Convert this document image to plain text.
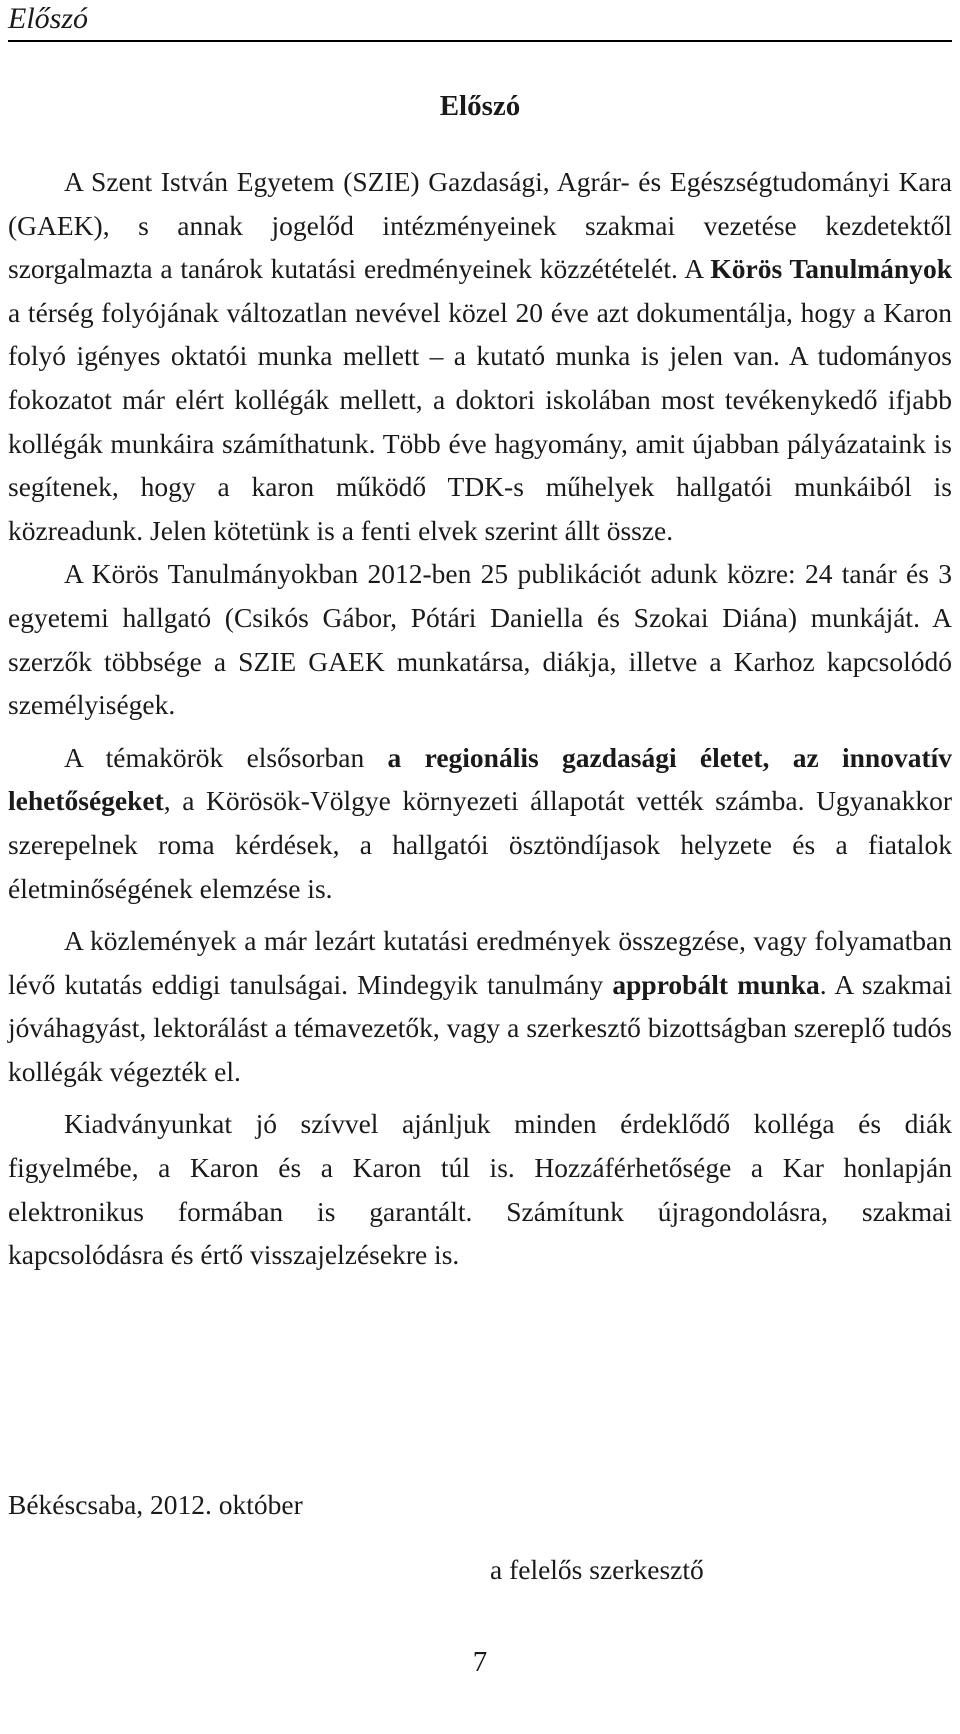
Előszó
Előszó

A Szent István Egyetem (SZIE) Gazdasági, Agrár- és Egészségtudományi Kara (GAEK), s annak jogelőd intézményeinek szakmai vezetése kezdetektől szorgalmazta a tanárok kutatási eredményeinek közzétételét. A Körös Tanulmányok a térség folyójának változatlan nevével közel 20 éve azt dokumentálja, hogy a Karon folyó igényes oktatói munka mellett – a kutató munka is jelen van. A tudományos fokozatot már elért kollégák mellett, a doktori iskolában most tevékenykedő ifjabb kollégák munkáira számíthatunk. Több éve hagyomány, amit újabban pályázataink is segítenek, hogy a karon működő TDK-s műhelyek hallgatói munkáiból is közreadunk. Jelen kötetünk is a fenti elvek szerint állt össze.

A Körös Tanulmányokban 2012-ben 25 publikációt adunk közre: 24 tanár és 3 egyetemi hallgató (Csikós Gábor, Pótári Daniella és Szokai Diána) munkáját. A szerzők többsége a SZIE GAEK munkatársa, diákja, illetve a Karhoz kapcsolódó személyiségek.

A témakörök elsősorban a regionális gazdasági életet, az innovatív lehetőségeket, a Körösök-Völgye környezeti állapotát vették számba. Ugyanakkor szerepelnek roma kérdések, a hallgatói ösztöndíjasok helyzete és a fiatalok életminőségének elemzése is.

A közlemények a már lezárt kutatási eredmények összegzése, vagy folyamatban lévő kutatás eddigi tanulságai. Mindegyik tanulmány approbált munka. A szakmai jóváhagyást, lektorálást a témavezetők, vagy a szerkesztő bizottságban szereplő tudós kollégák végezték el.

Kiadványunkat jó szívvel ajánljuk minden érdeklődő kolléga és diák figyelmébe, a Karon és a Karon túl is. Hozzáférhetősége a Kar honlapján elektronikus formában is garantált. Számítunk újragondolásra, szakmai kapcsolódásra és értő visszajelzésekre is.

Békéscsaba, 2012. október
a felelős szerkesztő
7
